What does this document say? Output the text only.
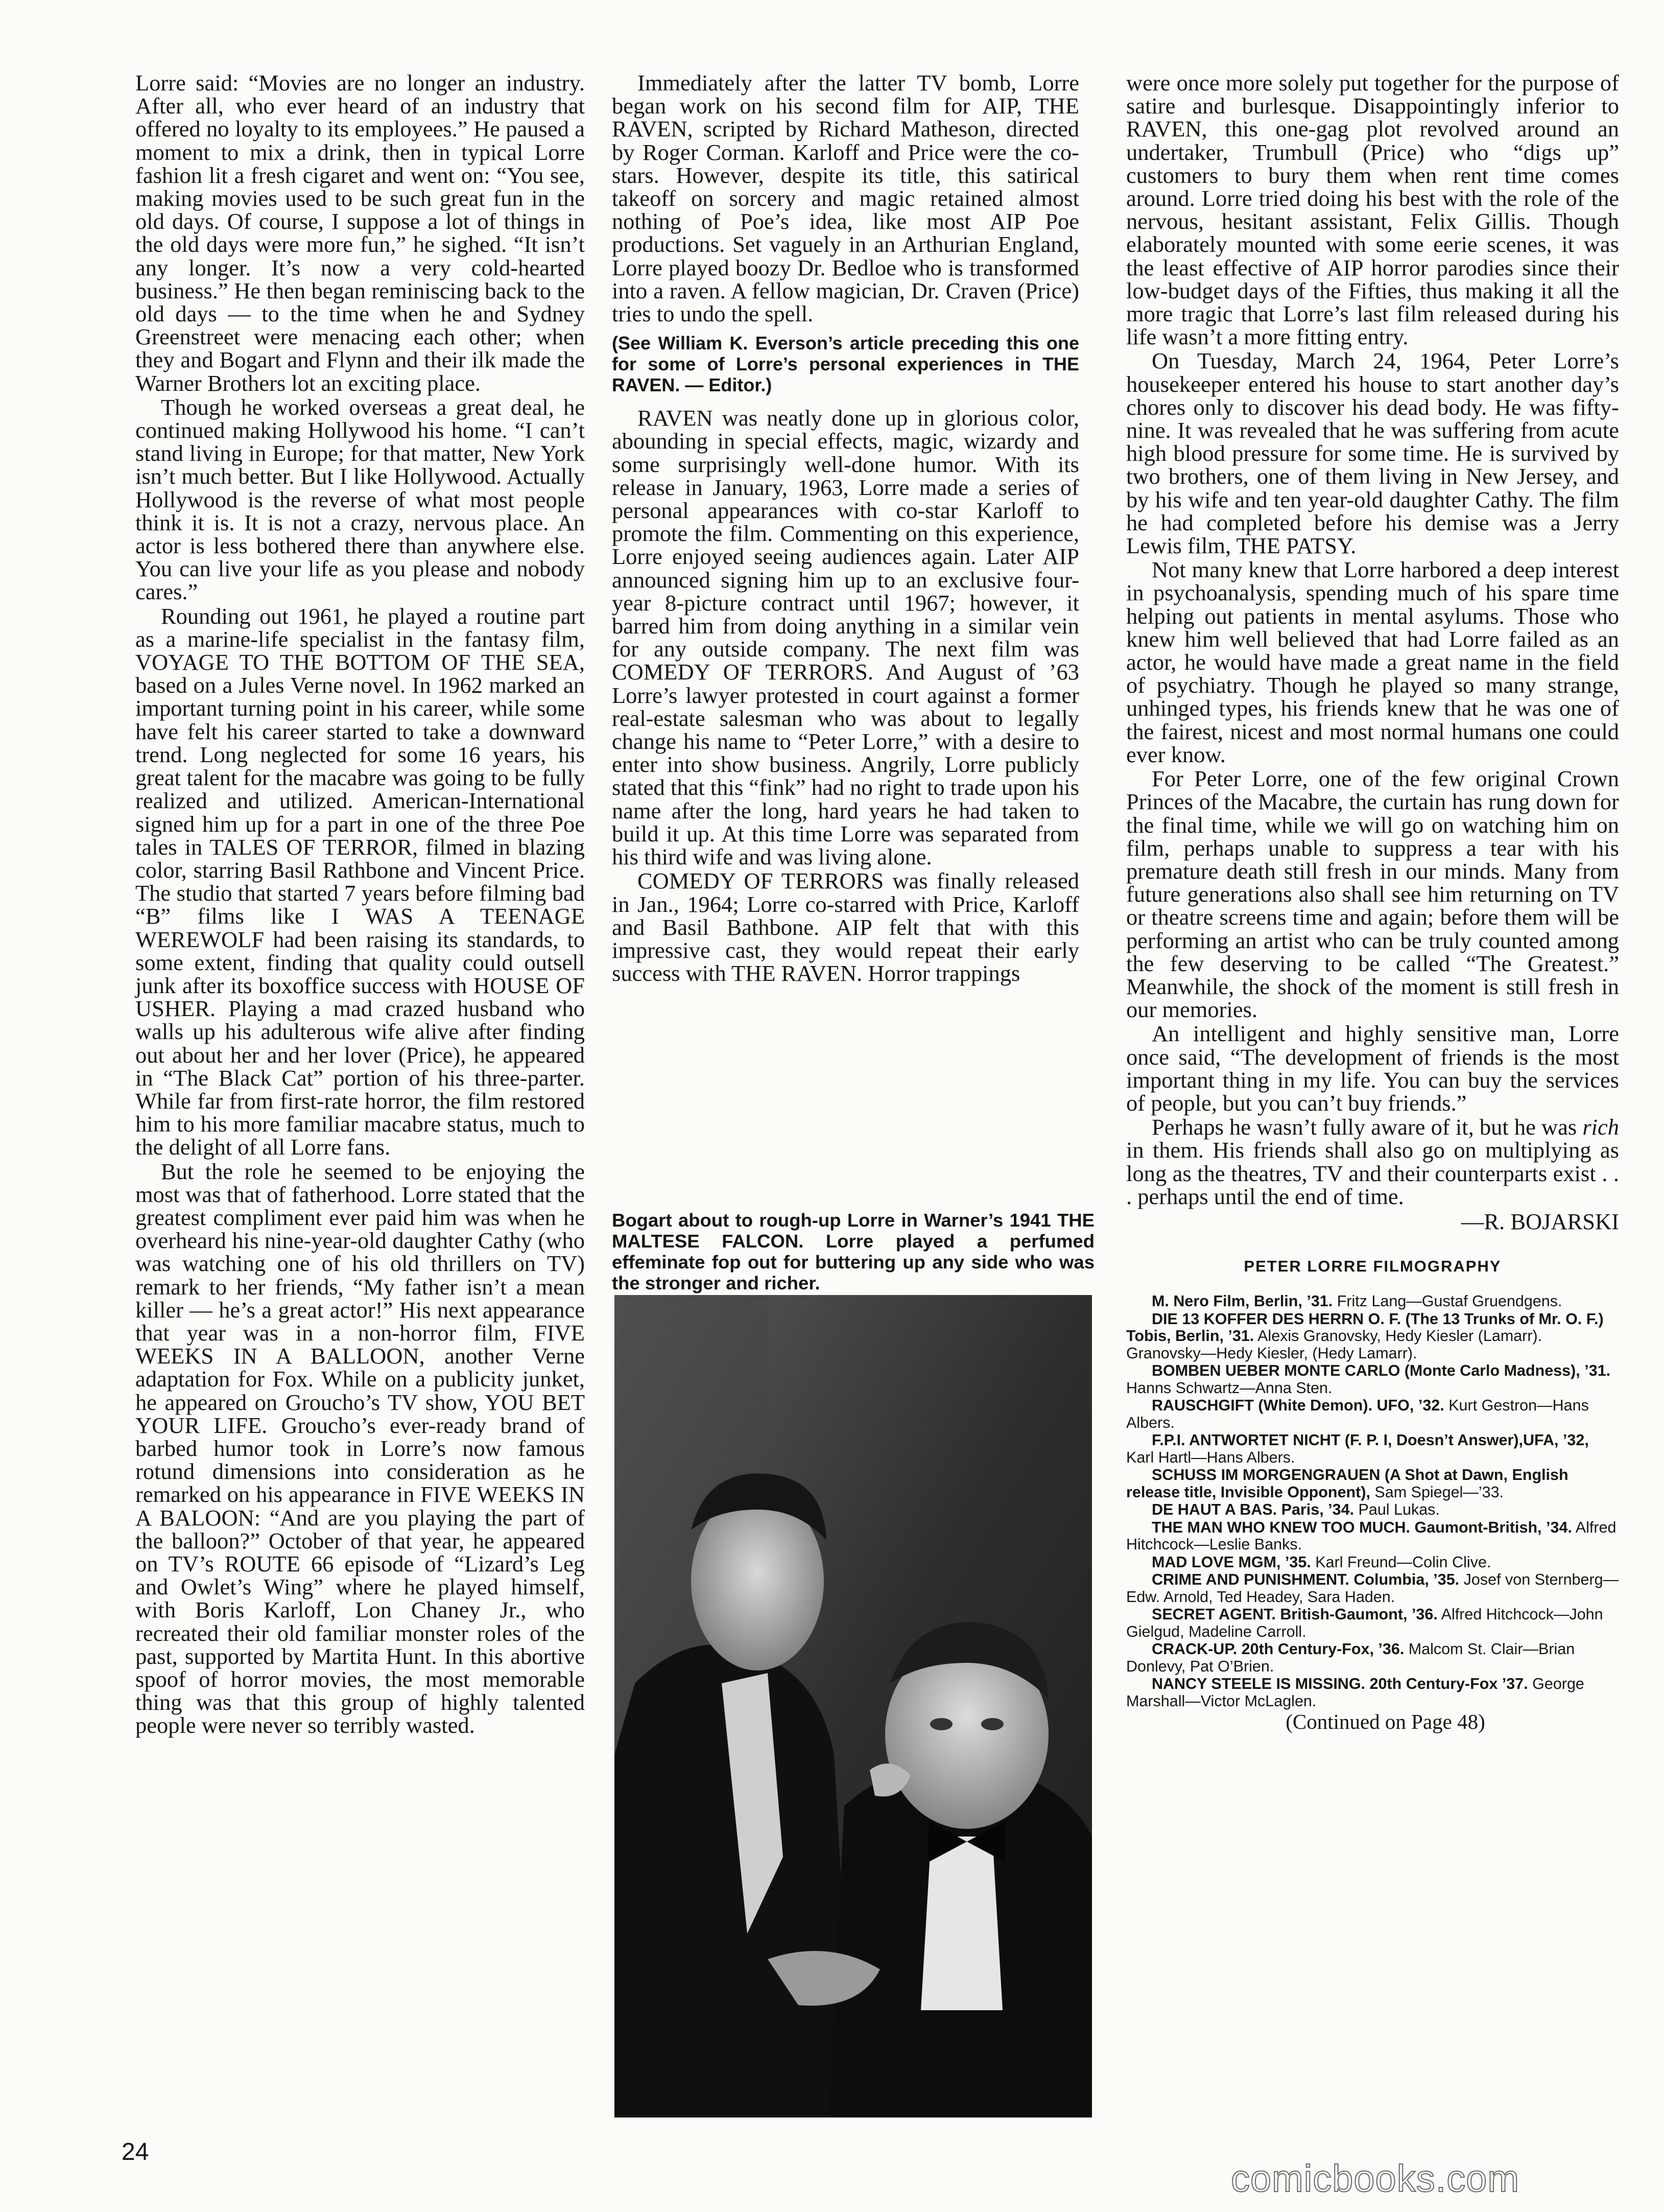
Lorre said: “Movies are no longer an industry. After all, who ever heard of an industry that offered no loyalty to its employees.” He paused a moment to mix a drink, then in typical Lorre fashion lit a fresh cigaret and went on: “You see, making movies used to be such great fun in the old days. Of course, I suppose a lot of things in the old days were more fun,” he sighed. “It isn’t any longer. It’s now a very cold-hearted business.” He then began reminiscing back to the old days — to the time when he and Sydney Greenstreet were menacing each other; when they and Bogart and Flynn and their ilk made the Warner Brothers lot an exciting place.

Though he worked overseas a great deal, he continued making Hollywood his home. “I can’t stand living in Europe; for that matter, New York isn’t much better. But I like Hollywood. Actually Hollywood is the reverse of what most people think it is. It is not a crazy, nervous place. An actor is less bothered there than anywhere else. You can live your life as you please and nobody cares.”

Rounding out 1961, he played a routine part as a marine-life specialist in the fantasy film, VOYAGE TO THE BOTTOM OF THE SEA, based on a Jules Verne novel. In 1962 marked an important turning point in his career, while some have felt his career started to take a downward trend. Long neglected for some 16 years, his great talent for the macabre was going to be fully realized and utilized. American-International signed him up for a part in one of the three Poe tales in TALES OF TERROR, filmed in blazing color, starring Basil Rathbone and Vincent Price. The studio that started 7 years before filming bad “B” films like I WAS A TEENAGE WEREWOLF had been raising its standards, to some extent, finding that quality could outsell junk after its boxoffice success with HOUSE OF USHER. Playing a mad crazed husband who walls up his adulterous wife alive after finding out about her and her lover (Price), he appeared in “The Black Cat” portion of his three-parter. While far from first-rate horror, the film restored him to his more familiar macabre status, much to the delight of all Lorre fans.

But the role he seemed to be enjoying the most was that of fatherhood. Lorre stated that the greatest compliment ever paid him was when he overheard his nine-year-old daughter Cathy (who was watching one of his old thrillers on TV) remark to her friends, “My father isn’t a mean killer — he’s a great actor!” His next appearance that year was in a non-horror film, FIVE WEEKS IN A BALLOON, another Verne adaptation for Fox. While on a publicity junket, he appeared on Groucho’s TV show, YOU BET YOUR LIFE. Groucho’s ever-ready brand of barbed humor took in Lorre’s now famous rotund dimensions into consideration as he remarked on his appearance in FIVE WEEKS IN A BALOON: “And are you playing the part of the balloon?” October of that year, he appeared on TV’s ROUTE 66 episode of “Lizard’s Leg and Owlet’s Wing” where he played himself, with Boris Karloff, Lon Chaney Jr., who recreated their old familiar monster roles of the past, supported by Martita Hunt. In this abortive spoof of horror movies, the most memorable thing was that this group of highly talented people were never so terribly wasted.

Immediately after the latter TV bomb, Lorre began work on his second film for AIP, THE RAVEN, scripted by Richard Matheson, directed by Roger Corman. Karloff and Price were the co-stars. However, despite its title, this satirical takeoff on sorcery and magic retained almost nothing of Poe’s idea, like most AIP Poe productions. Set vaguely in an Arthurian England, Lorre played boozy Dr. Bedloe who is transformed into a raven. A fellow magician, Dr. Craven (Price) tries to undo the spell.

(See William K. Everson’s article preceding this one for some of Lorre’s personal experiences in THE RAVEN. — Editor.)

RAVEN was neatly done up in glorious color, abounding in special effects, magic, wizardy and some surprisingly well-done humor. With its release in January, 1963, Lorre made a series of personal appearances with co-star Karloff to promote the film. Commenting on this experience, Lorre enjoyed seeing audiences again. Later AIP announced signing him up to an exclusive four-year 8-picture contract until 1967; however, it barred him from doing anything in a similar vein for any outside company. The next film was COMEDY OF TERRORS. And August of ’63 Lorre’s lawyer protested in court against a former real-estate salesman who was about to legally change his name to “Peter Lorre,” with a desire to enter into show business. Angrily, Lorre publicly stated that this “fink” had no right to trade upon his name after the long, hard years he had taken to build it up. At this time Lorre was separated from his third wife and was living alone.

COMEDY OF TERRORS was finally released in Jan., 1964; Lorre co-starred with Price, Karloff and Basil Bathbone. AIP felt that with this impressive cast, they would repeat their early success with THE RAVEN. Horror trappings

Bogart about to rough-up Lorre in Warner’s 1941 THE MALTESE FALCON. Lorre played a perfumed effeminate fop out for buttering up any side who was the stronger and richer.

were once more solely put together for the purpose of satire and burlesque. Disappointingly inferior to RAVEN, this one-gag plot revolved around an undertaker, Trumbull (Price) who “digs up” customers to bury them when rent time comes around. Lorre tried doing his best with the role of the nervous, hesitant assistant, Felix Gillis. Though elaborately mounted with some eerie scenes, it was the least effective of AIP horror parodies since their low-budget days of the Fifties, thus making it all the more tragic that Lorre’s last film released during his life wasn’t a more fitting entry.

On Tuesday, March 24, 1964, Peter Lorre’s housekeeper entered his house to start another day’s chores only to discover his dead body. He was fifty-nine. It was revealed that he was suffering from acute high blood pressure for some time. He is survived by two brothers, one of them living in New Jersey, and by his wife and ten year-old daughter Cathy. The film he had completed before his demise was a Jerry Lewis film, THE PATSY.

Not many knew that Lorre harbored a deep interest in psychoanalysis, spending much of his spare time helping out patients in mental asylums. Those who knew him well believed that had Lorre failed as an actor, he would have made a great name in the field of psychiatry. Though he played so many strange, unhinged types, his friends knew that he was one of the fairest, nicest and most normal humans one could ever know.

For Peter Lorre, one of the few original Crown Princes of the Macabre, the curtain has rung down for the final time, while we will go on watching him on film, perhaps unable to suppress a tear with his premature death still fresh in our minds. Many from future generations also shall see him returning on TV or theatre screens time and again; before them will be performing an artist who can be truly counted among the few deserving to be called “The Greatest.” Meanwhile, the shock of the moment is still fresh in our memories.

An intelligent and highly sensitive man, Lorre once said, “The development of friends is the most important thing in my life. You can buy the services of people, but you can’t buy friends.”

Perhaps he wasn’t fully aware of it, but he was rich in them. His friends shall also go on multiplying as long as the theatres, TV and their counterparts exist . . . perhaps until the end of time.

—R. BOJARSKI

PETER LORRE FILMOGRAPHY

M. Nero Film, Berlin, ’31. Fritz Lang—Gustaf Gruendgens.

DIE 13 KOFFER DES HERRN O. F. (The 13 Trunks of Mr. O. F.) Tobis, Berlin, ’31. Alexis Granovsky, Hedy Kiesler (Lamarr). Granovsky—Hedy Kiesler, (Hedy Lamarr).

BOMBEN UEBER MONTE CARLO (Monte Carlo Madness), ’31. Hanns Schwartz—Anna Sten.

RAUSCHGIFT (White Demon). UFO, ’32. Kurt Gestron—Hans Albers.

F.P.I. ANTWORTET NICHT (F. P. I, Doesn’t Answer),UFA, ’32, Karl Hartl—Hans Albers.

SCHUSS IM MORGENGRAUEN (A Shot at Dawn, English release title, Invisible Opponent), Sam Spiegel—’33.

DE HAUT A BAS. Paris, ’34. Paul Lukas.

THE MAN WHO KNEW TOO MUCH. Gaumont-British, ’34. Alfred Hitchcock—Leslie Banks.

MAD LOVE MGM, ’35. Karl Freund—Colin Clive.

CRIME AND PUNISHMENT. Columbia, ’35. Josef von Sternberg—Edw. Arnold, Ted Headey, Sara Haden.

SECRET AGENT. British-Gaumont, ’36. Alfred Hitchcock—John Gielgud, Madeline Carroll.

CRACK-UP. 20th Century-Fox, ’36. Malcom St. Clair—Brian Donlevy, Pat O’Brien.

NANCY STEELE IS MISSING. 20th Century-Fox ’37. George Marshall—Victor McLaglen.

(Continued on Page 48)

24
comicbooks.com
